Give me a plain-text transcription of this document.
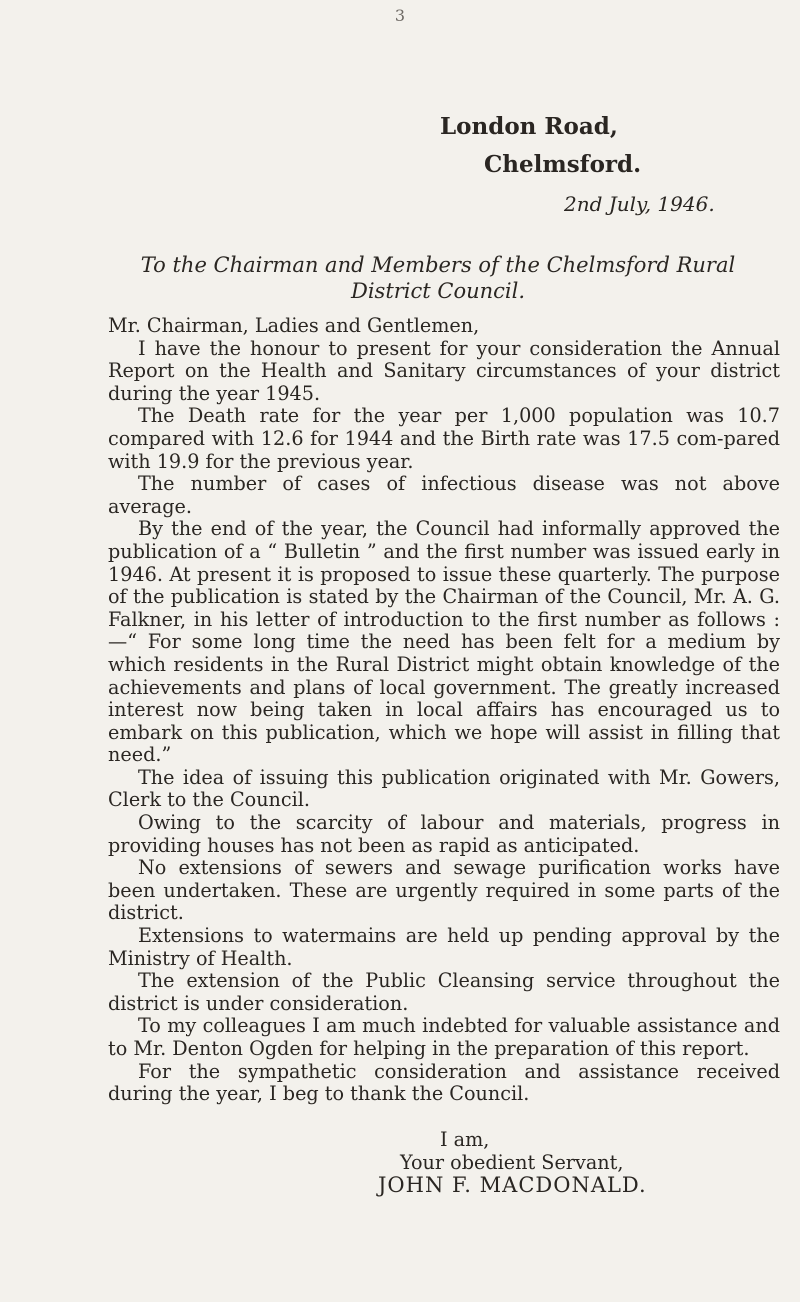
3

London Road,

Chelmsford.

2nd July, 1946.

To the Chairman and Members of the Chelmsford Rural District Council.

Mr. Chairman, Ladies and Gentlemen,

I have the honour to present for your consideration the Annual Report on the Health and Sanitary circumstances of your district during the year 1945.

The Death rate for the year per 1,000 population was 10.7 compared with 12.6 for 1944 and the Birth rate was 17.5 com-pared with 19.9 for the previous year.

The number of cases of infectious disease was not above average.

By the end of the year, the Council had informally approved the publication of a “ Bulletin ” and the first number was issued early in 1946. At present it is proposed to issue these quarterly. The purpose of the publication is stated by the Chairman of the Council, Mr. A. G. Falkner, in his letter of introduction to the first number as follows :—“ For some long time the need has been felt for a medium by which residents in the Rural District might obtain knowledge of the achievements and plans of local government. The greatly increased interest now being taken in local affairs has encouraged us to embark on this publication, which we hope will assist in filling that need.”

The idea of issuing this publication originated with Mr. Gowers, Clerk to the Council.

Owing to the scarcity of labour and materials, progress in providing houses has not been as rapid as anticipated.

No extensions of sewers and sewage purification works have been undertaken. These are urgently required in some parts of the district.

Extensions to watermains are held up pending approval by the Ministry of Health.

The extension of the Public Cleansing service throughout the district is under consideration.

To my colleagues I am much indebted for valuable assistance and to Mr. Denton Ogden for helping in the preparation of this report.

For the sympathetic consideration and assistance received during the year, I beg to thank the Council.

I am,
Your obedient Servant,
JOHN F. MACDONALD.
